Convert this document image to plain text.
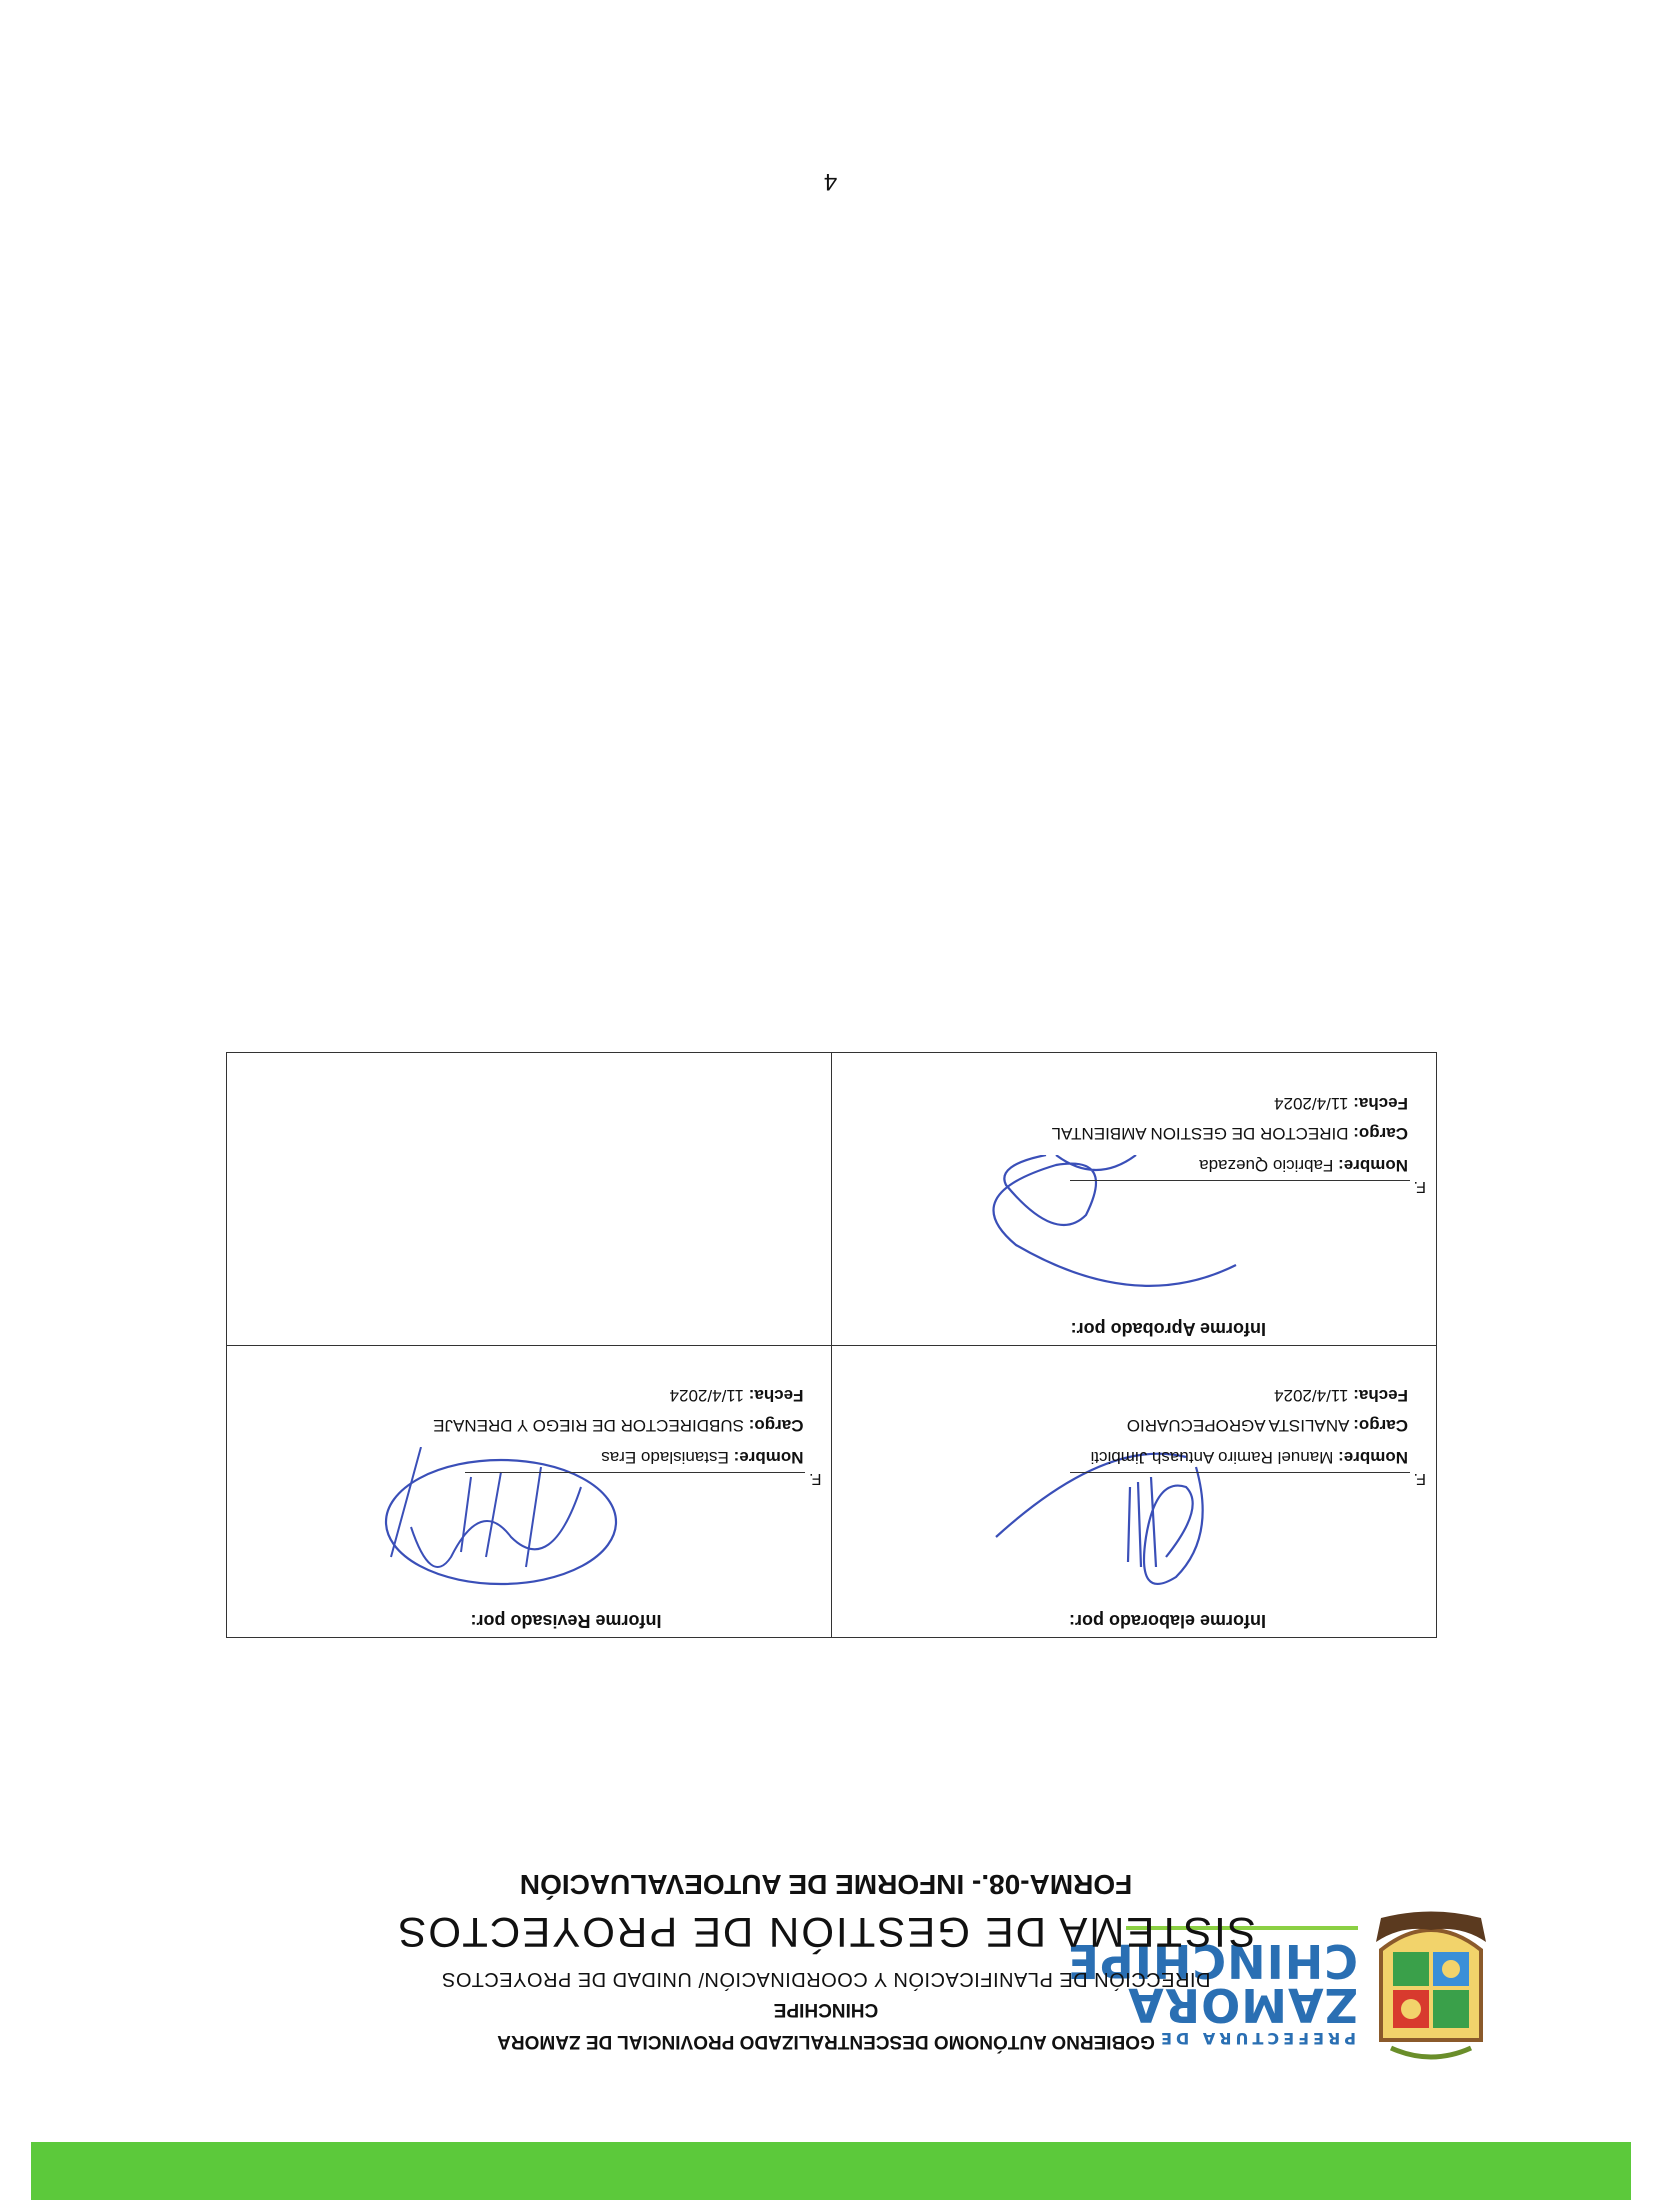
PREFECTURA DE
ZAMORA
CHINCHIPE

GOBIERNO AUTÓNOMO DESCENTRALIZADO PROVINCIAL DE ZAMORA

CHINCHIPE

DIRECCIÓN DE PLANIFICACIÓN Y COORDINACIÓN/ UNIDAD DE PROYECTOS

SISTEMA DE GESTIÓN DE PROYECTOS
FORMA-08.- INFORME DE AUTOEVALUACIÓN

Informe elaborado por:

F.
Nombre: Manuel Ramiro Antuash Jimbicti
Cargo: ANALISTA AGROPECUARIO
Fecha: 11/4/2024

Informe Revisado por:

F.
Nombre: Estanislado Eras
Cargo: SUBDIRECTOR DE RIEGO Y DRENAJE
Fecha: 11/4/2024

Informe Aprobado por:

F.
Nombre: Fabricio Quezada
Cargo: DIRECTOR DE GESTION AMBIENTAL
Fecha: 11/4/2024

4
